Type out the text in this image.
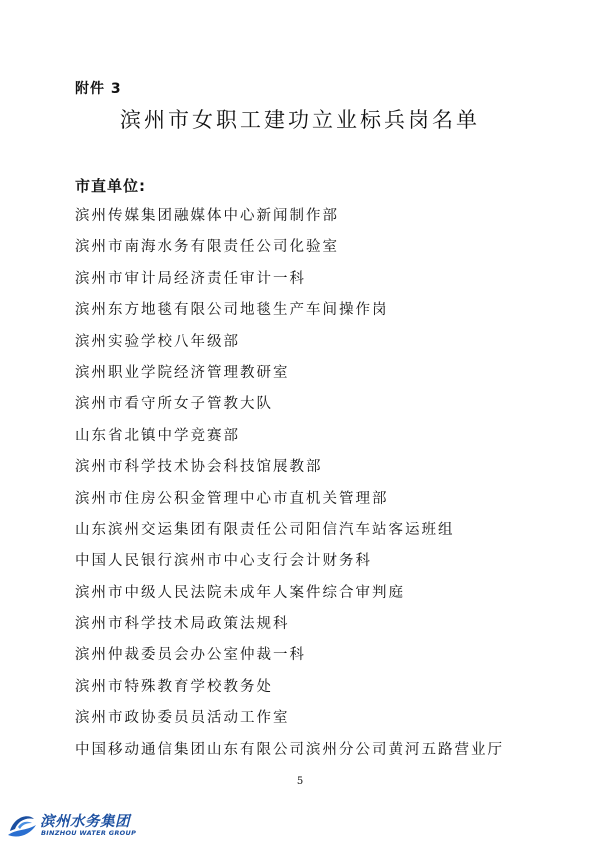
附件 3
滨州市女职工建功立业标兵岗名单
市直单位:
滨州传媒集团融媒体中心新闻制作部
滨州市南海水务有限责任公司化验室
滨州市审计局经济责任审计一科
滨州东方地毯有限公司地毯生产车间操作岗
滨州实验学校八年级部
滨州职业学院经济管理教研室
滨州市看守所女子管教大队
山东省北镇中学竞赛部
滨州市科学技术协会科技馆展教部
滨州市住房公积金管理中心市直机关管理部
山东滨州交运集团有限责任公司阳信汽车站客运班组
中国人民银行滨州市中心支行会计财务科
滨州市中级人民法院未成年人案件综合审判庭
滨州市科学技术局政策法规科
滨州仲裁委员会办公室仲裁一科
滨州市特殊教育学校教务处
滨州市政协委员员活动工作室
中国移动通信集团山东有限公司滨州分公司黄河五路营业厅
5
滨州水务集团
BINZHOU WATER GROUP
